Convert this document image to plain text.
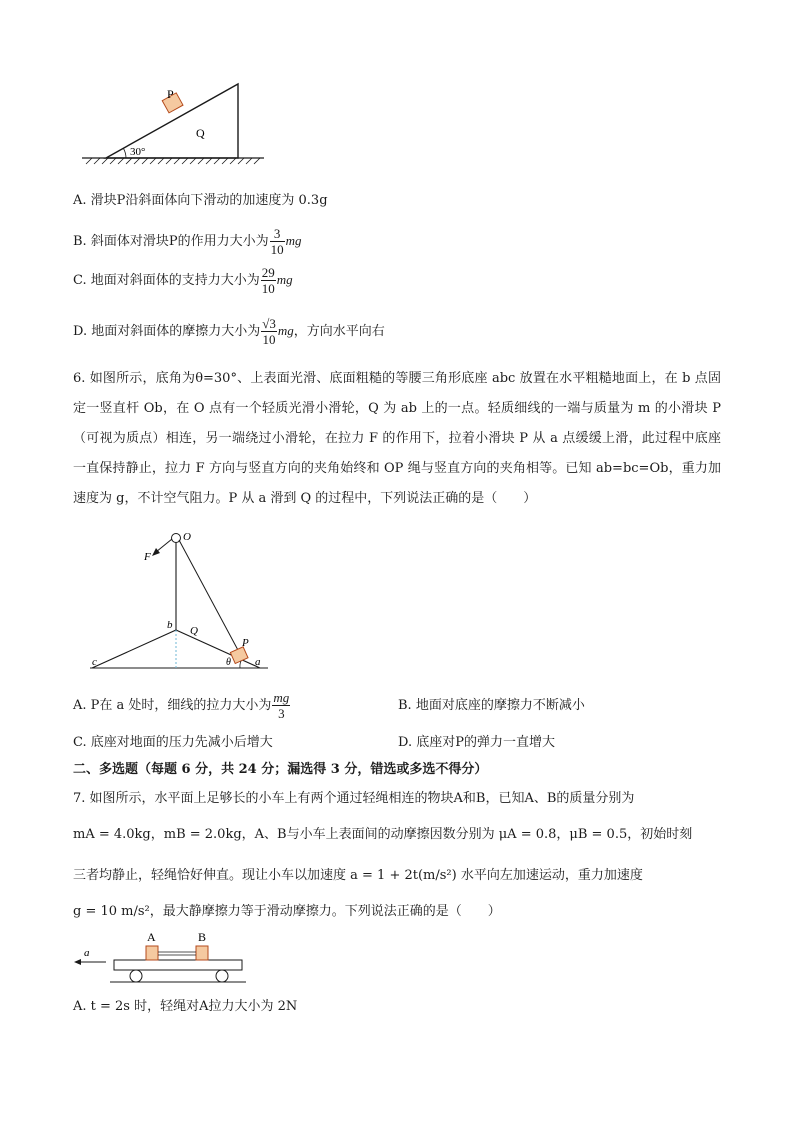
P
Q
30°
A. 滑块P沿斜面体向下滑动的加速度为 0.3g
B. 斜面体对滑块P的作用力大小为 $\frac{3}{10}$ mg
C. 地面对斜面体的支持力大小为 $\frac{29}{10}$ mg
D. 地面对斜面体的摩擦力大小为 $\frac{√3}{10}$ mg，方向水平向右
6. 如图所示，底角为θ=30°、上表面光滑、底面粗糙的等腰三角形底座 abc 放置在水平粗糙地面上，在 b 点固定一竖直杆 Ob，在 O 点有一个轻质光滑小滑轮，Q 为 ab 上的一点。轻质细线的一端与质量为 m 的小滑块 P（可视为质点）相连，另一端绕过小滑轮，在拉力 F 的作用下，拉着小滑块 P 从 a 点缓缓上滑，此过程中底座一直保持静止，拉力 F 方向与竖直方向的夹角始终和 OP 绳与竖直方向的夹角相等。已知 ab=bc=Ob，重力加速度为 g，不计空气阻力。P 从 a 滑到 Q 的过程中，下列说法正确的是（　　）
O
F
b Q
P
c	a
θ
A. P在 a 处时，细线的拉力大小为 $\frac{mg}{3}$	B. 地面对底座的摩擦力不断减小
C. 底座对地面的压力先减小后增大	D. 底座对P的弹力一直增大
二、多选题（每题 6 分，共 24 分；漏选得 3 分，错选或多选不得分）
7. 如图所示，水平面上足够长的小车上有两个通过轻绳相连的物块A和B，已知A、B的质量分别为
mA = 4.0kg，mB = 2.0kg，A、B与小车上表面间的动摩擦因数分别为 μA = 0.8，μB = 0.5，初始时刻
三者均静止，轻绳恰好伸直。现让小车以加速度 a = 1 + 2t(m/s²) 水平向左加速运动，重力加速度
g = 10 m/s²，最大静摩擦力等于滑动摩擦力。下列说法正确的是（　　）
a
A	B
A. t = 2s 时，轻绳对A拉力大小为 2N
